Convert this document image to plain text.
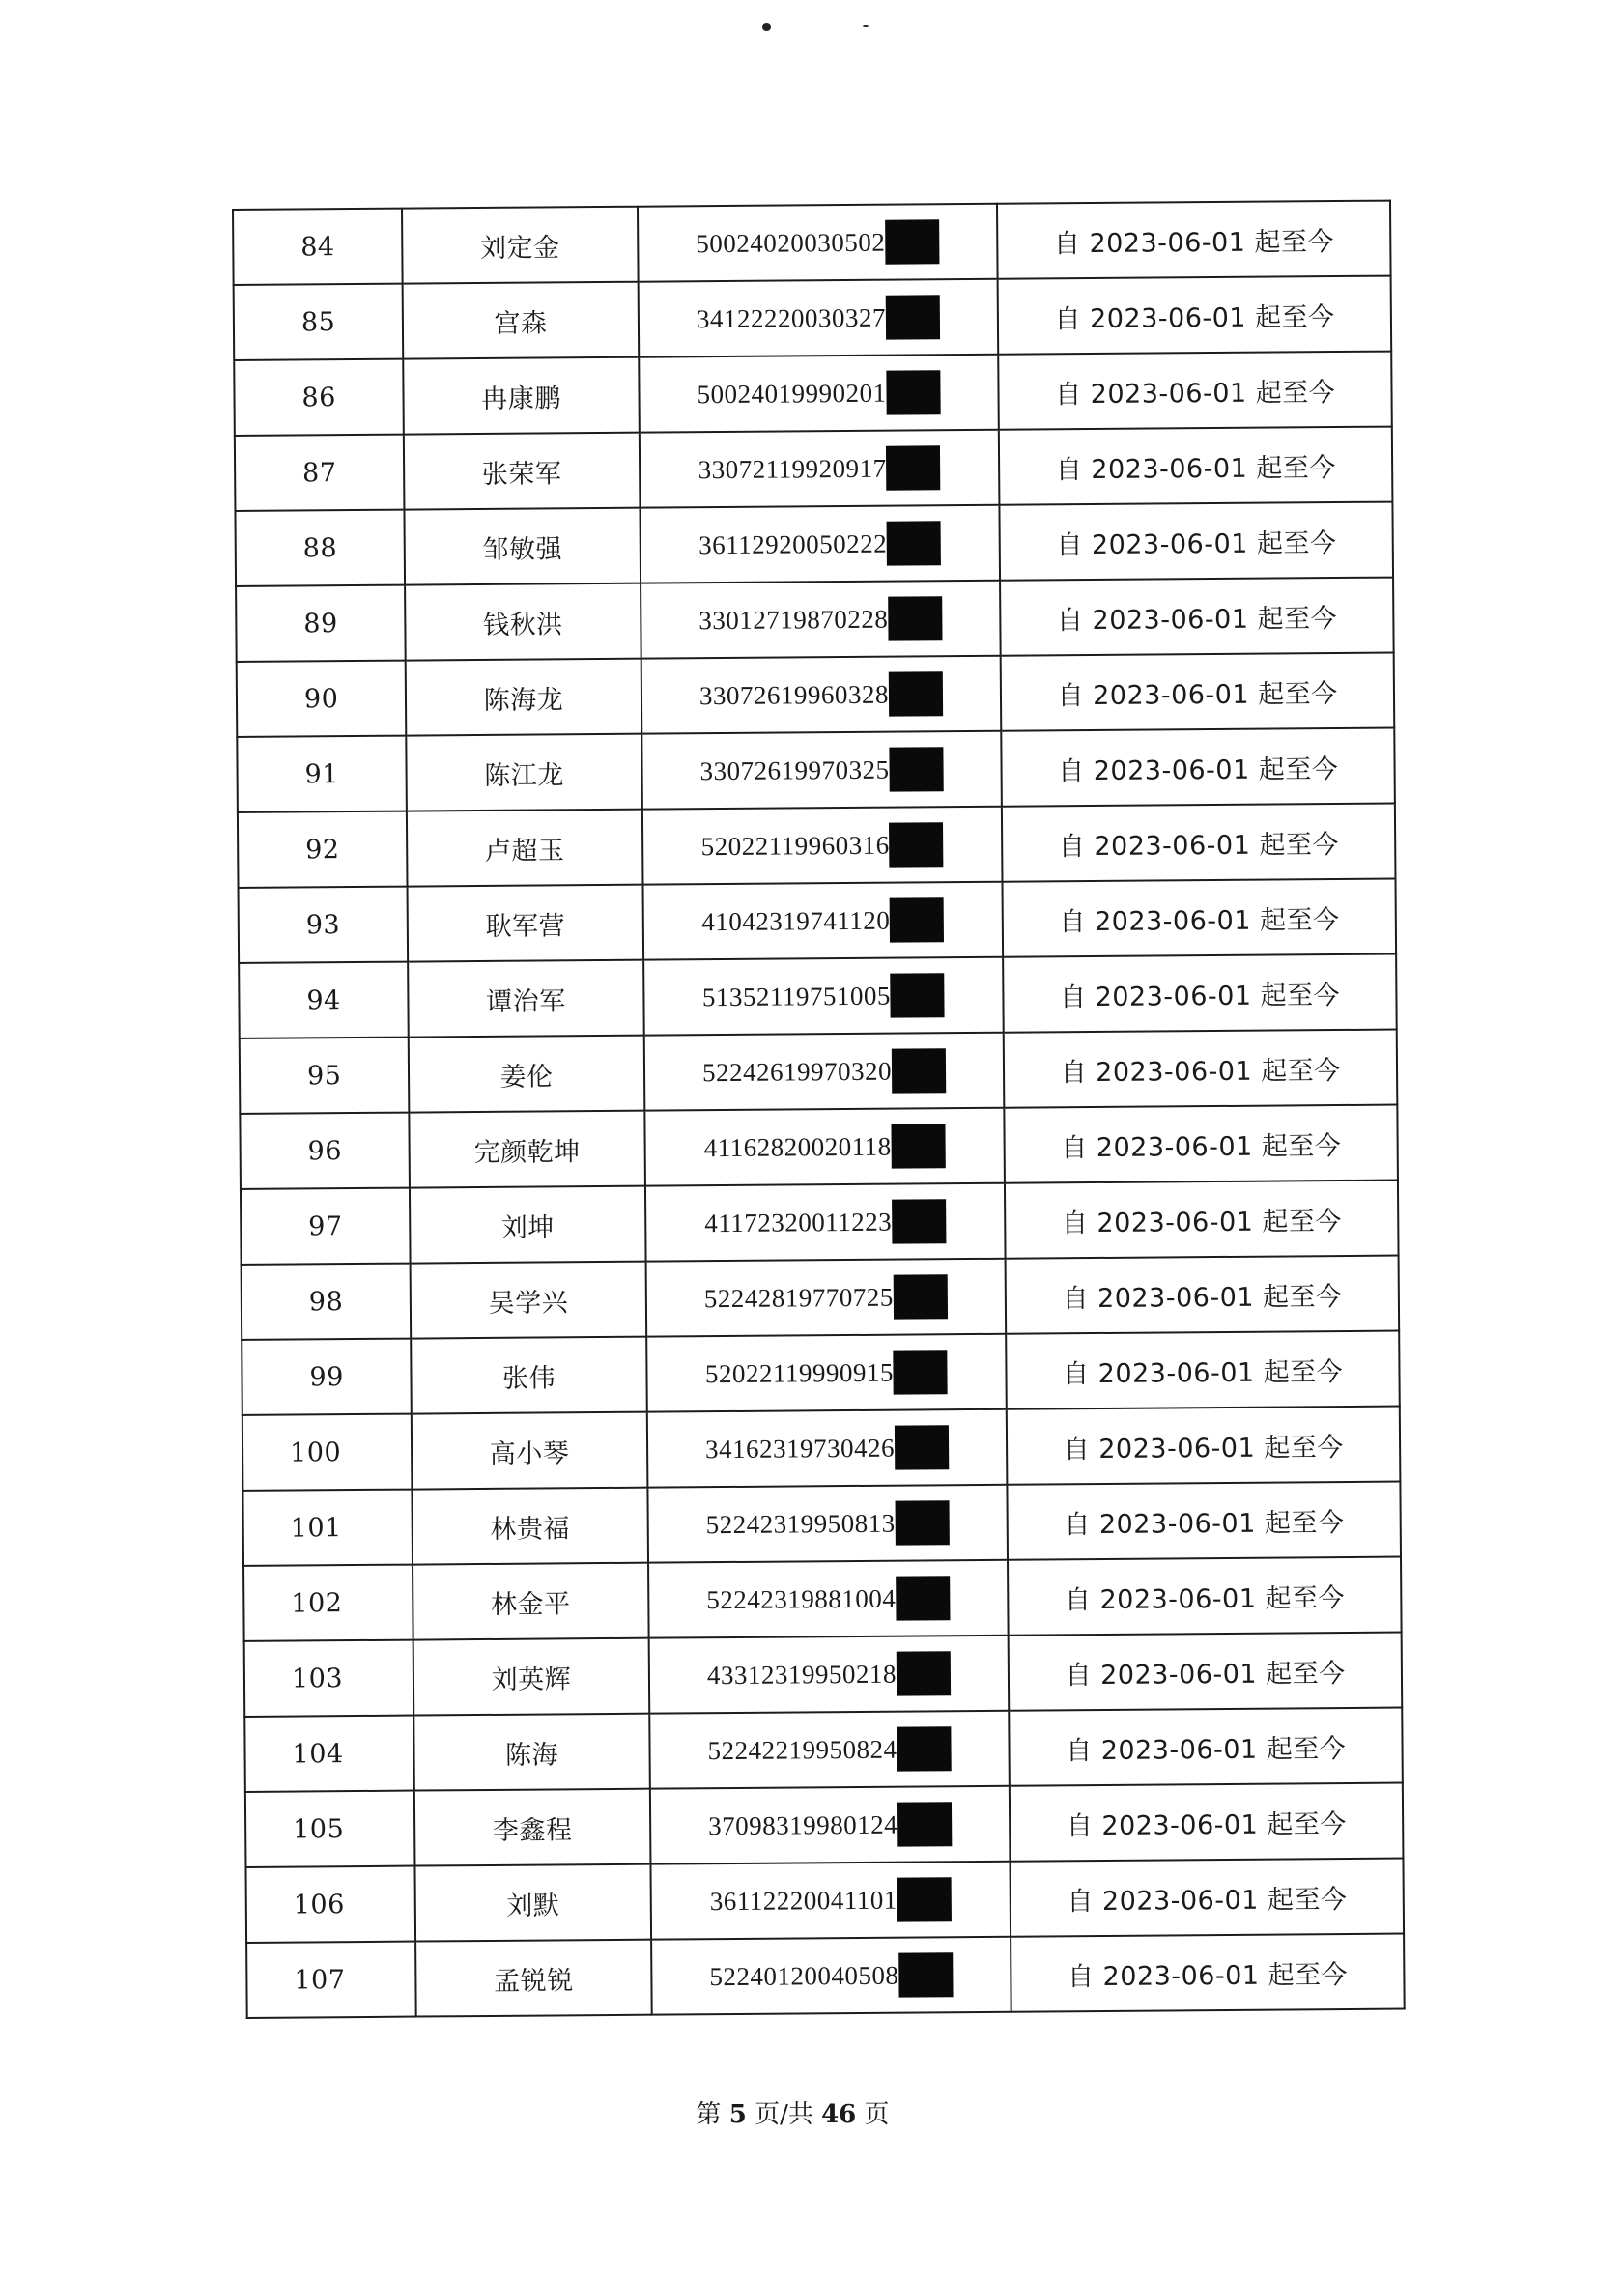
84	刘定金	50024020030502	自 2023-06-01 起至今
85	宫森	34122220030327	自 2023-06-01 起至今
86	冉康鹏	50024019990201	自 2023-06-01 起至今
87	张荣军	33072119920917	自 2023-06-01 起至今
88	邹敏强	36112920050222	自 2023-06-01 起至今
89	钱秋洪	33012719870228	自 2023-06-01 起至今
90	陈海龙	33072619960328	自 2023-06-01 起至今
91	陈江龙	33072619970325	自 2023-06-01 起至今
92	卢超玉	52022119960316	自 2023-06-01 起至今
93	耿军营	41042319741120	自 2023-06-01 起至今
94	谭治军	51352119751005	自 2023-06-01 起至今
95	姜伦	52242619970320	自 2023-06-01 起至今
96	完颜乾坤	41162820020118	自 2023-06-01 起至今
97	刘坤	41172320011223	自 2023-06-01 起至今
98	吴学兴	52242819770725	自 2023-06-01 起至今
99	张伟	52022119990915	自 2023-06-01 起至今
100	高小琴	34162319730426	自 2023-06-01 起至今
101	林贵福	52242319950813	自 2023-06-01 起至今
102	林金平	52242319881004	自 2023-06-01 起至今
103	刘英辉	43312319950218	自 2023-06-01 起至今
104	陈海	52242219950824	自 2023-06-01 起至今
105	李鑫程	37098319980124	自 2023-06-01 起至今
106	刘默	36112220041101	自 2023-06-01 起至今
107	孟锐锐	52240120040508	自 2023-06-01 起至今
第 5 页/共 46 页
